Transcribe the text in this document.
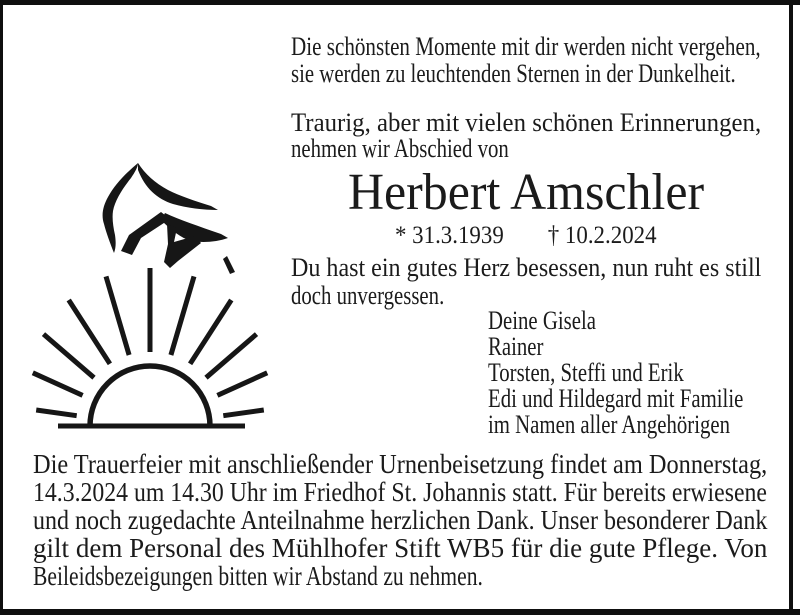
Die schönsten Momente mit dir werden nicht vergehen,
sie werden zu leuchtenden Sternen in der Dunkelheit.
Traurig, aber mit vielen schönen Erinnerungen,
nehmen wir Abschied von
Herbert Amschler
* 31.3.1939 † 10.2.2024
Du hast ein gutes Herz besessen, nun ruht es still
doch unvergessen.
Deine Gisela
Rainer
Torsten, Steffi und Erik
Edi und Hildegard mit Familie
im Namen aller Angehörigen
Die Trauerfeier mit anschließender Urnenbeisetzung findet am Donnerstag,
14.3.2024 um 14.30 Uhr im Friedhof St. Johannis statt. Für bereits erwiesene
und noch zugedachte Anteilnahme herzlichen Dank. Unser besonderer Dank
gilt dem Personal des Mühlhofer Stift WB5 für die gute Pflege. Von
Beileidsbezeigungen bitten wir Abstand zu nehmen.
